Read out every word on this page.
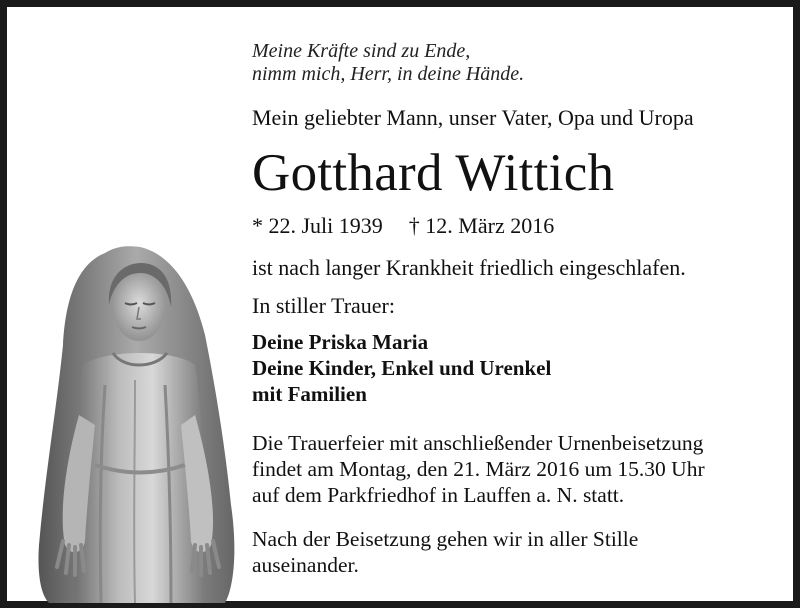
Meine Kräfte sind zu Ende,
nimm mich, Herr, in deine Hände.
Mein geliebter Mann, unser Vater, Opa und Uropa
Gotthard Wittich
* 22. Juli 1939 † 12. März 2016
ist nach langer Krankheit friedlich eingeschlafen.
In stiller Trauer:
Deine Priska Maria
Deine Kinder, Enkel und Urenkel
mit Familien
Die Trauerfeier mit anschließender Urnenbeisetzung
findet am Montag, den 21. März 2016 um 15.30 Uhr
auf dem Parkfriedhof in Lauffen a. N. statt.
Nach der Beisetzung gehen wir in aller Stille
auseinander.
